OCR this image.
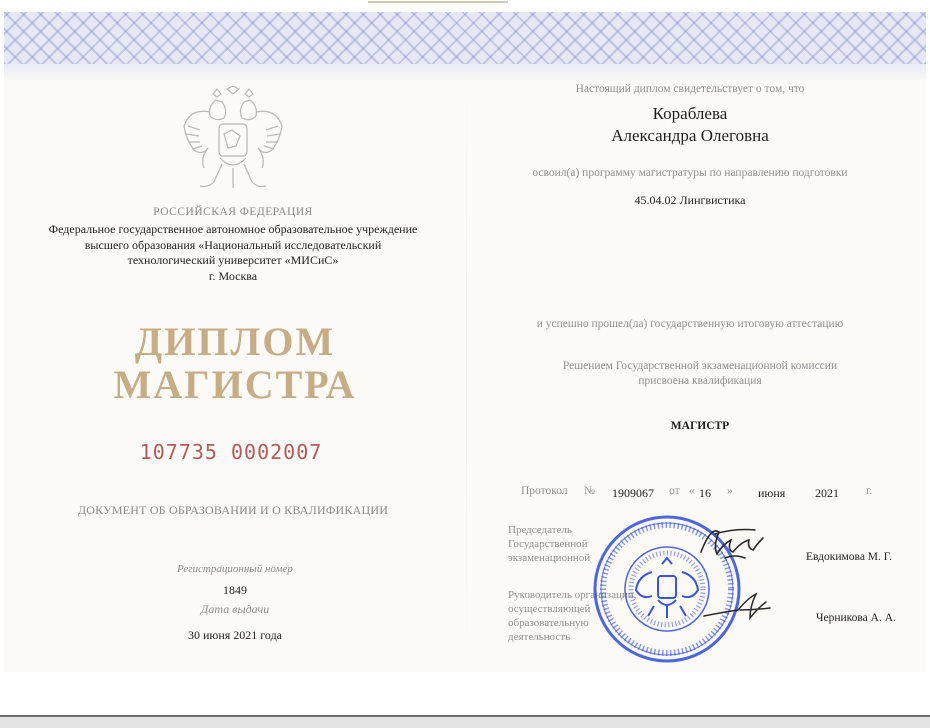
РОССИЙСКАЯ ФЕДЕРАЦИЯ
Федеральное государственное автономное образовательное учреждение
высшего образования «Национальный исследовательский
технологический университет «МИСиС»
г. Москва
ДИПЛОМ
МАГИСТРА
107735 0002007
ДОКУМЕНТ ОБ ОБРАЗОВАНИИ И О КВАЛИФИКАЦИИ
Регистрационный номер
1849
Дата выдачи
30 июня 2021 года
Настоящий диплом свидетельствует о том, что
Кораблева
Александра Олеговна
освоил(а) программу магистратуры по направлению подготовки
45.04.02 Лингвистика
и успешно прошел(ла) государственную итоговую аттестацию
Решением Государственной экзаменационной комиссии
присвоена квалификация
МАГИСТР
Протокол № 1909067 от « 16 » июня 2021 г.
Председатель
Государственной
экзаменационной
Руководитель организации,
осуществляющей образовательную
деятельность
Евдокимова М. Г.
Черникова А. А.
